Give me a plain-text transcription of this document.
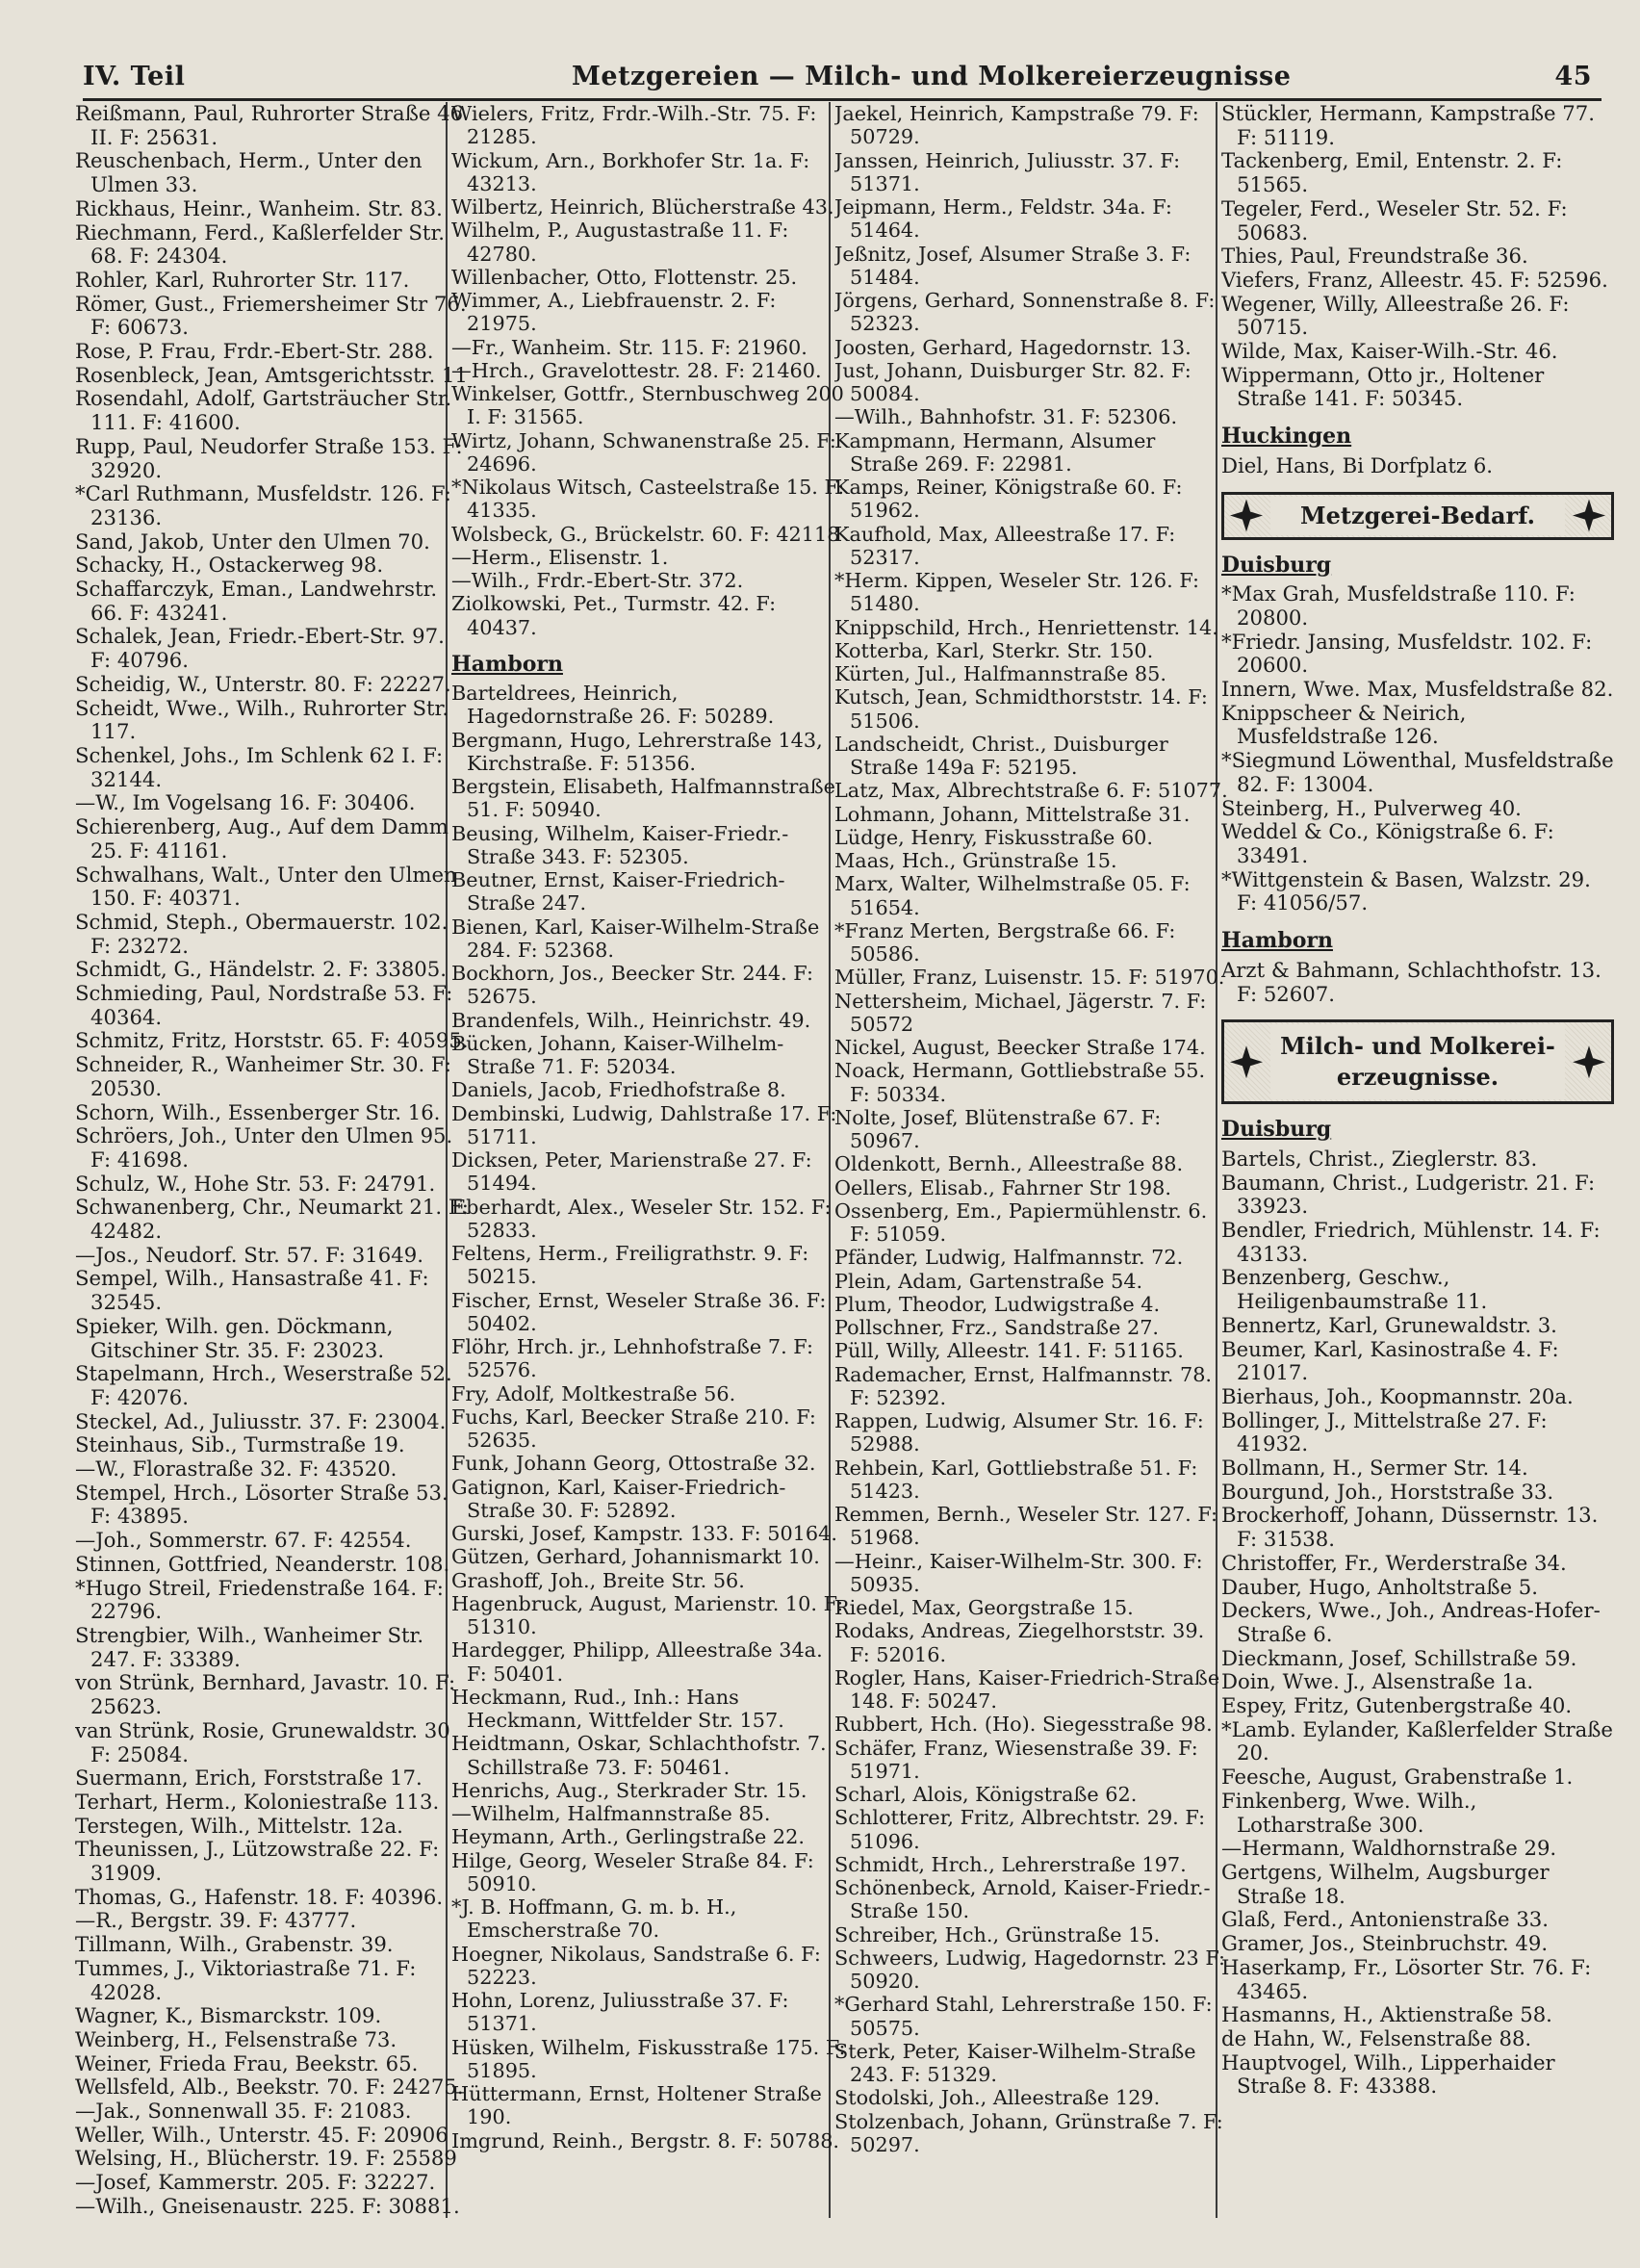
IV. Teil	Metzgereien — Milch- und Molkereierzeugnisse	45
Reißmann, Paul, Ruhrorter Straße 46 II. F: 25631.
Reuschenbach, Herm., Unter den Ulmen 33.
Rickhaus, Heinr., Wanheim. Str. 83.
Riechmann, Ferd., Kaßlerfelder Str. 68. F: 24304.
Rohler, Karl, Ruhrorter Str. 117.
Römer, Gust., Friemersheimer Str 76. F: 60673.
Rose, P. Frau, Frdr.-Ebert-Str. 288.
Rosenbleck, Jean, Amtsgerichtsstr. 11
Rosendahl, Adolf, Gartsträucher Str. 111. F: 41600.
Rupp, Paul, Neudorfer Straße 153. F: 32920.
*Carl Ruthmann, Musfeldstr. 126. F: 23136.
Sand, Jakob, Unter den Ulmen 70.
Schacky, H., Ostackerweg 98.
Schaffarczyk, Eman., Landwehrstr. 66. F: 43241.
Schalek, Jean, Friedr.-Ebert-Str. 97. F: 40796.
Scheidig, W., Unterstr. 80. F: 22227.
Scheidt, Wwe., Wilh., Ruhrorter Str. 117.
Schenkel, Johs., Im Schlenk 62 I. F: 32144.
—W., Im Vogelsang 16. F: 30406.
Schierenberg, Aug., Auf dem Damm 25. F: 41161.
Schwalhans, Walt., Unter den Ulmen 150. F: 40371.
Schmid, Steph., Obermauerstr. 102. F: 23272.
Schmidt, G., Händelstr. 2. F: 33805.
Schmieding, Paul, Nordstraße 53. F: 40364.
Schmitz, Fritz, Horststr. 65. F: 40595.
Schneider, R., Wanheimer Str. 30. F: 20530.
Schorn, Wilh., Essenberger Str. 16.
Schröers, Joh., Unter den Ulmen 95. F: 41698.
Schulz, W., Hohe Str. 53. F: 24791.
Schwanenberg, Chr., Neumarkt 21. F: 42482.
—Jos., Neudorf. Str. 57. F: 31649.
Sempel, Wilh., Hansastraße 41. F: 32545.
Spieker, Wilh. gen. Döckmann, Gitschiner Str. 35. F: 23023.
Stapelmann, Hrch., Weserstraße 52. F: 42076.
Steckel, Ad., Juliusstr. 37. F: 23004.
Steinhaus, Sib., Turmstraße 19.
—W., Florastraße 32. F: 43520.
Stempel, Hrch., Lösorter Straße 53. F: 43895.
—Joh., Sommerstr. 67. F: 42554.
Stinnen, Gottfried, Neanderstr. 108.
*Hugo Streil, Friedenstraße 164. F: 22796.
Strengbier, Wilh., Wanheimer Str. 247. F: 33389.
von Strünk, Bernhard, Javastr. 10. F: 25623.
van Strünk, Rosie, Grunewaldstr. 30 F: 25084.
Suermann, Erich, Forststraße 17.
Terhart, Herm., Koloniestraße 113.
Terstegen, Wilh., Mittelstr. 12a.
Theunissen, J., Lützowstraße 22. F: 31909.
Thomas, G., Hafenstr. 18. F: 40396.
—R., Bergstr. 39. F: 43777.
Tillmann, Wilh., Grabenstr. 39.
Tummes, J., Viktoriastraße 71. F: 42028.
Wagner, K., Bismarckstr. 109.
Weinberg, H., Felsenstraße 73.
Weiner, Frieda Frau, Beekstr. 65.
Wellsfeld, Alb., Beekstr. 70. F: 24275.
—Jak., Sonnenwall 35. F: 21083.
Weller, Wilh., Unterstr. 45. F: 20906
Welsing, H., Blücherstr. 19. F: 25589
—Josef, Kammerstr. 205. F: 32227.
—Wilh., Gneisenaustr. 225. F: 30881.
Wielers, Fritz, Frdr.-Wilh.-Str. 75. F: 21285.
Wickum, Arn., Borkhofer Str. 1a. F: 43213.
Wilbertz, Heinrich, Blücherstraße 43.
Wilhelm, P., Augustastraße 11. F: 42780.
Willenbacher, Otto, Flottenstr. 25.
Wimmer, A., Liebfrauenstr. 2. F: 21975.
—Fr., Wanheim. Str. 115. F: 21960.
—Hrch., Gravelottestr. 28. F: 21460.
Winkelser, Gottfr., Sternbuschweg 200 I. F: 31565.
Wirtz, Johann, Schwanenstraße 25. F: 24696.
*Nikolaus Witsch, Casteelstraße 15. F: 41335.
Wolsbeck, G., Brückelstr. 60. F: 42118
—Herm., Elisenstr. 1.
—Wilh., Frdr.-Ebert-Str. 372.
Ziolkowski, Pet., Turmstr. 42. F: 40437.
Hamborn
Barteldrees, Heinrich, Hagedornstraße 26. F: 50289.
Bergmann, Hugo, Lehrerstraße 143, Kirchstraße. F: 51356.
Bergstein, Elisabeth, Halfmannstraße 51. F: 50940.
Beusing, Wilhelm, Kaiser-Friedr.-Straße 343. F: 52305.
Beutner, Ernst, Kaiser-Friedrich-Straße 247.
Bienen, Karl, Kaiser-Wilhelm-Straße 284. F: 52368.
Bockhorn, Jos., Beecker Str. 244. F: 52675.
Brandenfels, Wilh., Heinrichstr. 49.
Bücken, Johann, Kaiser-Wilhelm-Straße 71. F: 52034.
Daniels, Jacob, Friedhofstraße 8.
Dembinski, Ludwig, Dahlstraße 17. F: 51711.
Dicksen, Peter, Marienstraße 27. F: 51494.
Eberhardt, Alex., Weseler Str. 152. F: 52833.
Feltens, Herm., Freiligrathstr. 9. F: 50215.
Fischer, Ernst, Weseler Straße 36. F: 50402.
Flöhr, Hrch. jr., Lehnhofstraße 7. F: 52576.
Fry, Adolf, Moltkestraße 56.
Fuchs, Karl, Beecker Straße 210. F: 52635.
Funk, Johann Georg, Ottostraße 32.
Gatignon, Karl, Kaiser-Friedrich-Straße 30. F: 52892.
Gurski, Josef, Kampstr. 133. F: 50164.
Gützen, Gerhard, Johannismarkt 10.
Grashoff, Joh., Breite Str. 56.
Hagenbruck, August, Marienstr. 10. F: 51310.
Hardegger, Philipp, Alleestraße 34a. F: 50401.
Heckmann, Rud., Inh.: Hans Heckmann, Wittfelder Str. 157.
Heidtmann, Oskar, Schlachthofstr. 7. Schillstraße 73. F: 50461.
Henrichs, Aug., Sterkrader Str. 15.
—Wilhelm, Halfmannstraße 85.
Heymann, Arth., Gerlingstraße 22.
Hilge, Georg, Weseler Straße 84. F: 50910.
*J. B. Hoffmann, G. m. b. H., Emscherstraße 70.
Hoegner, Nikolaus, Sandstraße 6. F: 52223.
Hohn, Lorenz, Juliusstraße 37. F: 51371.
Hüsken, Wilhelm, Fiskusstraße 175. F: 51895.
Hüttermann, Ernst, Holtener Straße 190.
Imgrund, Reinh., Bergstr. 8. F: 50788.
Jaekel, Heinrich, Kampstraße 79. F: 50729.
Janssen, Heinrich, Juliusstr. 37. F: 51371.
Jeipmann, Herm., Feldstr. 34a. F: 51464.
Jeßnitz, Josef, Alsumer Straße 3. F: 51484.
Jörgens, Gerhard, Sonnenstraße 8. F: 52323.
Joosten, Gerhard, Hagedornstr. 13.
Just, Johann, Duisburger Str. 82. F: 50084.
—Wilh., Bahnhofstr. 31. F: 52306.
Kampmann, Hermann, Alsumer Straße 269. F: 22981.
Kamps, Reiner, Königstraße 60. F: 51962.
Kaufhold, Max, Alleestraße 17. F: 52317.
*Herm. Kippen, Weseler Str. 126. F: 51480.
Knippschild, Hrch., Henriettenstr. 14.
Kotterba, Karl, Sterkr. Str. 150.
Kürten, Jul., Halfmannstraße 85.
Kutsch, Jean, Schmidthorststr. 14. F: 51506.
Landscheidt, Christ., Duisburger Straße 149a F: 52195.
Latz, Max, Albrechtstraße 6. F: 51077.
Lohmann, Johann, Mittelstraße 31.
Lüdge, Henry, Fiskusstraße 60.
Maas, Hch., Grünstraße 15.
Marx, Walter, Wilhelmstraße 05. F: 51654.
*Franz Merten, Bergstraße 66. F: 50586.
Müller, Franz, Luisenstr. 15. F: 51970.
Nettersheim, Michael, Jägerstr. 7. F: 50572
Nickel, August, Beecker Straße 174.
Noack, Hermann, Gottliebstraße 55. F: 50334.
Nolte, Josef, Blütenstraße 67. F: 50967.
Oldenkott, Bernh., Alleestraße 88.
Oellers, Elisab., Fahrner Str 198.
Ossenberg, Em., Papiermühlenstr. 6. F: 51059.
Pfänder, Ludwig, Halfmannstr. 72.
Plein, Adam, Gartenstraße 54.
Plum, Theodor, Ludwigstraße 4.
Pollschner, Frz., Sandstraße 27.
Püll, Willy, Alleestr. 141. F: 51165.
Rademacher, Ernst, Halfmannstr. 78. F: 52392.
Rappen, Ludwig, Alsumer Str. 16. F: 52988.
Rehbein, Karl, Gottliebstraße 51. F: 51423.
Remmen, Bernh., Weseler Str. 127. F: 51968.
—Heinr., Kaiser-Wilhelm-Str. 300. F: 50935.
Riedel, Max, Georgstraße 15.
Rodaks, Andreas, Ziegelhorststr. 39. F: 52016.
Rogler, Hans, Kaiser-Friedrich-Straße 148. F: 50247.
Rubbert, Hch. (Ho). Siegesstraße 98.
Schäfer, Franz, Wiesenstraße 39. F: 51971.
Scharl, Alois, Königstraße 62.
Schlotterer, Fritz, Albrechtstr. 29. F: 51096.
Schmidt, Hrch., Lehrerstraße 197.
Schönenbeck, Arnold, Kaiser-Friedr.-Straße 150.
Schreiber, Hch., Grünstraße 15.
Schweers, Ludwig, Hagedornstr. 23 F: 50920.
*Gerhard Stahl, Lehrerstraße 150. F: 50575.
Sterk, Peter, Kaiser-Wilhelm-Straße 243. F: 51329.
Stodolski, Joh., Alleestraße 129.
Stolzenbach, Johann, Grünstraße 7. F: 50297.
Stückler, Hermann, Kampstraße 77. F: 51119.
Tackenberg, Emil, Entenstr. 2. F: 51565.
Tegeler, Ferd., Weseler Str. 52. F: 50683.
Thies, Paul, Freundstraße 36.
Viefers, Franz, Alleestr. 45. F: 52596.
Wegener, Willy, Alleestraße 26. F: 50715.
Wilde, Max, Kaiser-Wilh.-Str. 46.
Wippermann, Otto jr., Holtener Straße 141. F: 50345.
Huckingen
Diel, Hans, Bi Dorfplatz 6.
Metzgerei-Bedarf.
Duisburg
*Max Grah, Musfeldstraße 110. F: 20800.
*Friedr. Jansing, Musfeldstr. 102. F: 20600.
Innern, Wwe. Max, Musfeldstraße 82.
Knippscheer & Neirich, Musfeldstraße 126.
*Siegmund Löwenthal, Musfeldstraße 82. F: 13004.
Steinberg, H., Pulverweg 40.
Weddel & Co., Königstraße 6. F: 33491.
*Wittgenstein & Basen, Walzstr. 29. F: 41056/57.
Hamborn
Arzt & Bahmann, Schlachthofstr. 13. F: 52607.
Milch- und Molkerei-erzeugnisse.
Duisburg
Bartels, Christ., Zieglerstr. 83.
Baumann, Christ., Ludgeristr. 21. F: 33923.
Bendler, Friedrich, Mühlenstr. 14. F: 43133.
Benzenberg, Geschw., Heiligenbaumstraße 11.
Bennertz, Karl, Grunewaldstr. 3.
Beumer, Karl, Kasinostraße 4. F: 21017.
Bierhaus, Joh., Koopmannstr. 20a.
Bollinger, J., Mittelstraße 27. F: 41932.
Bollmann, H., Sermer Str. 14.
Bourgund, Joh., Horststraße 33.
Brockerhoff, Johann, Düssernstr. 13. F: 31538.
Christoffer, Fr., Werderstraße 34.
Dauber, Hugo, Anholtstraße 5.
Deckers, Wwe., Joh., Andreas-Hofer-Straße 6.
Dieckmann, Josef, Schillstraße 59.
Doin, Wwe. J., Alsenstraße 1a.
Espey, Fritz, Gutenbergstraße 40.
*Lamb. Eylander, Kaßlerfelder Straße 20.
Feesche, August, Grabenstraße 1.
Finkenberg, Wwe. Wilh., Lotharstraße 300.
—Hermann, Waldhornstraße 29.
Gertgens, Wilhelm, Augsburger Straße 18.
Glaß, Ferd., Antonienstraße 33.
Gramer, Jos., Steinbruchstr. 49.
Haserkamp, Fr., Lösorter Str. 76. F: 43465.
Hasmanns, H., Aktienstraße 58.
de Hahn, W., Felsenstraße 88.
Hauptvogel, Wilh., Lipperhaider Straße 8. F: 43388.
